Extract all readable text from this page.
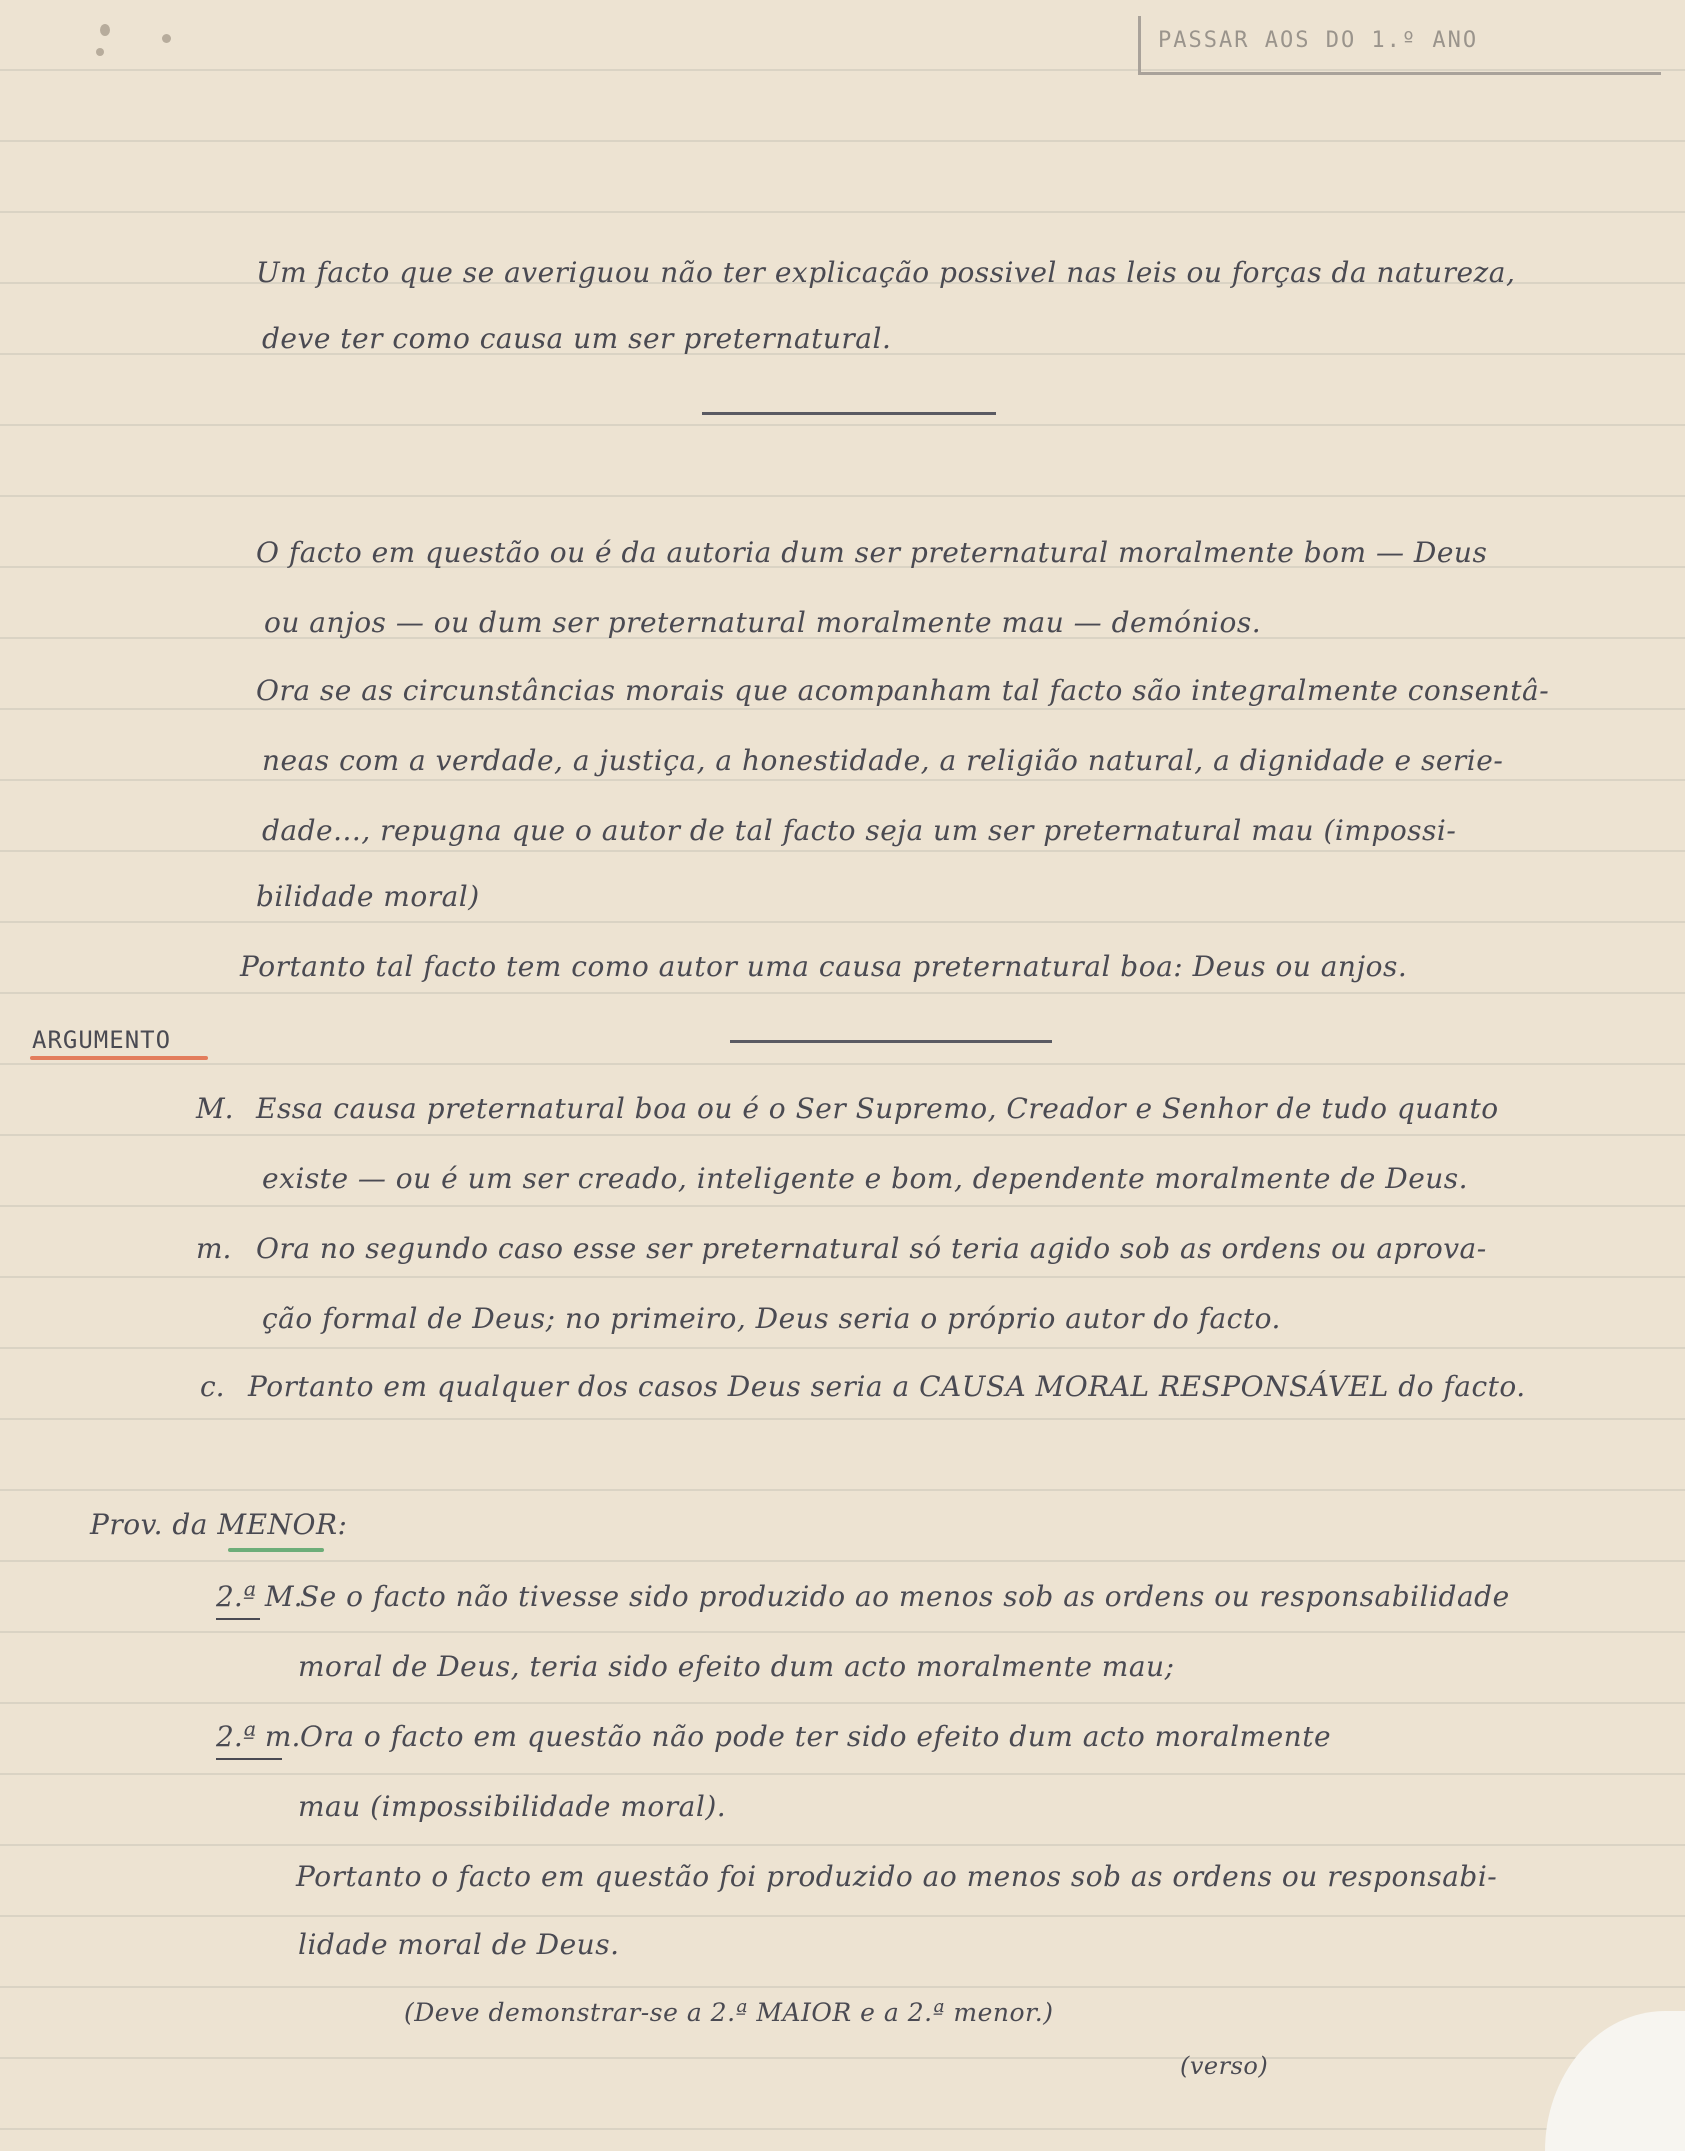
PASSAR AOS DO 1.º ANO
Um facto que se averiguou não ter explicação possivel nas leis ou forças da natureza,
deve ter como causa um ser preternatural.
O facto em questão ou é da autoria dum ser preternatural moralmente bom — Deus
ou anjos — ou dum ser preternatural moralmente mau — demónios.
Ora se as circunstâncias morais que acompanham tal facto são integralmente consentâ-
neas com a verdade, a justiça, a honestidade, a religião natural, a dignidade e serie-
dade..., repugna que o autor de tal facto seja um ser preternatural mau (impossi-
bilidade moral)
Portanto tal facto tem como autor uma causa preternatural boa: Deus ou anjos.
ARGUMENTO
M. Essa causa preternatural boa ou é o Ser Supremo, Creador e Senhor de tudo quanto
existe — ou é um ser creado, inteligente e bom, dependente moralmente de Deus.
m. Ora no segundo caso esse ser preternatural só teria agido sob as ordens ou aprova-
ção formal de Deus; no primeiro, Deus seria o próprio autor do facto.
c. Portanto em qualquer dos casos Deus seria a CAUSA MORAL RESPONSÁVEL do facto.
Prov. da MENOR:
2.ª M.
Se o facto não tivesse sido produzido ao menos sob as ordens ou responsabilidade
moral de Deus, teria sido efeito dum acto moralmente mau;
2.ª m. Ora o facto em questão não pode ter sido efeito dum acto moralmente
mau (impossibilidade moral).
Portanto o facto em questão foi produzido ao menos sob as ordens ou responsabi-
lidade moral de Deus.
(Deve demonstrar-se a 2.ª MAIOR e a 2.ª menor.)
(verso)
